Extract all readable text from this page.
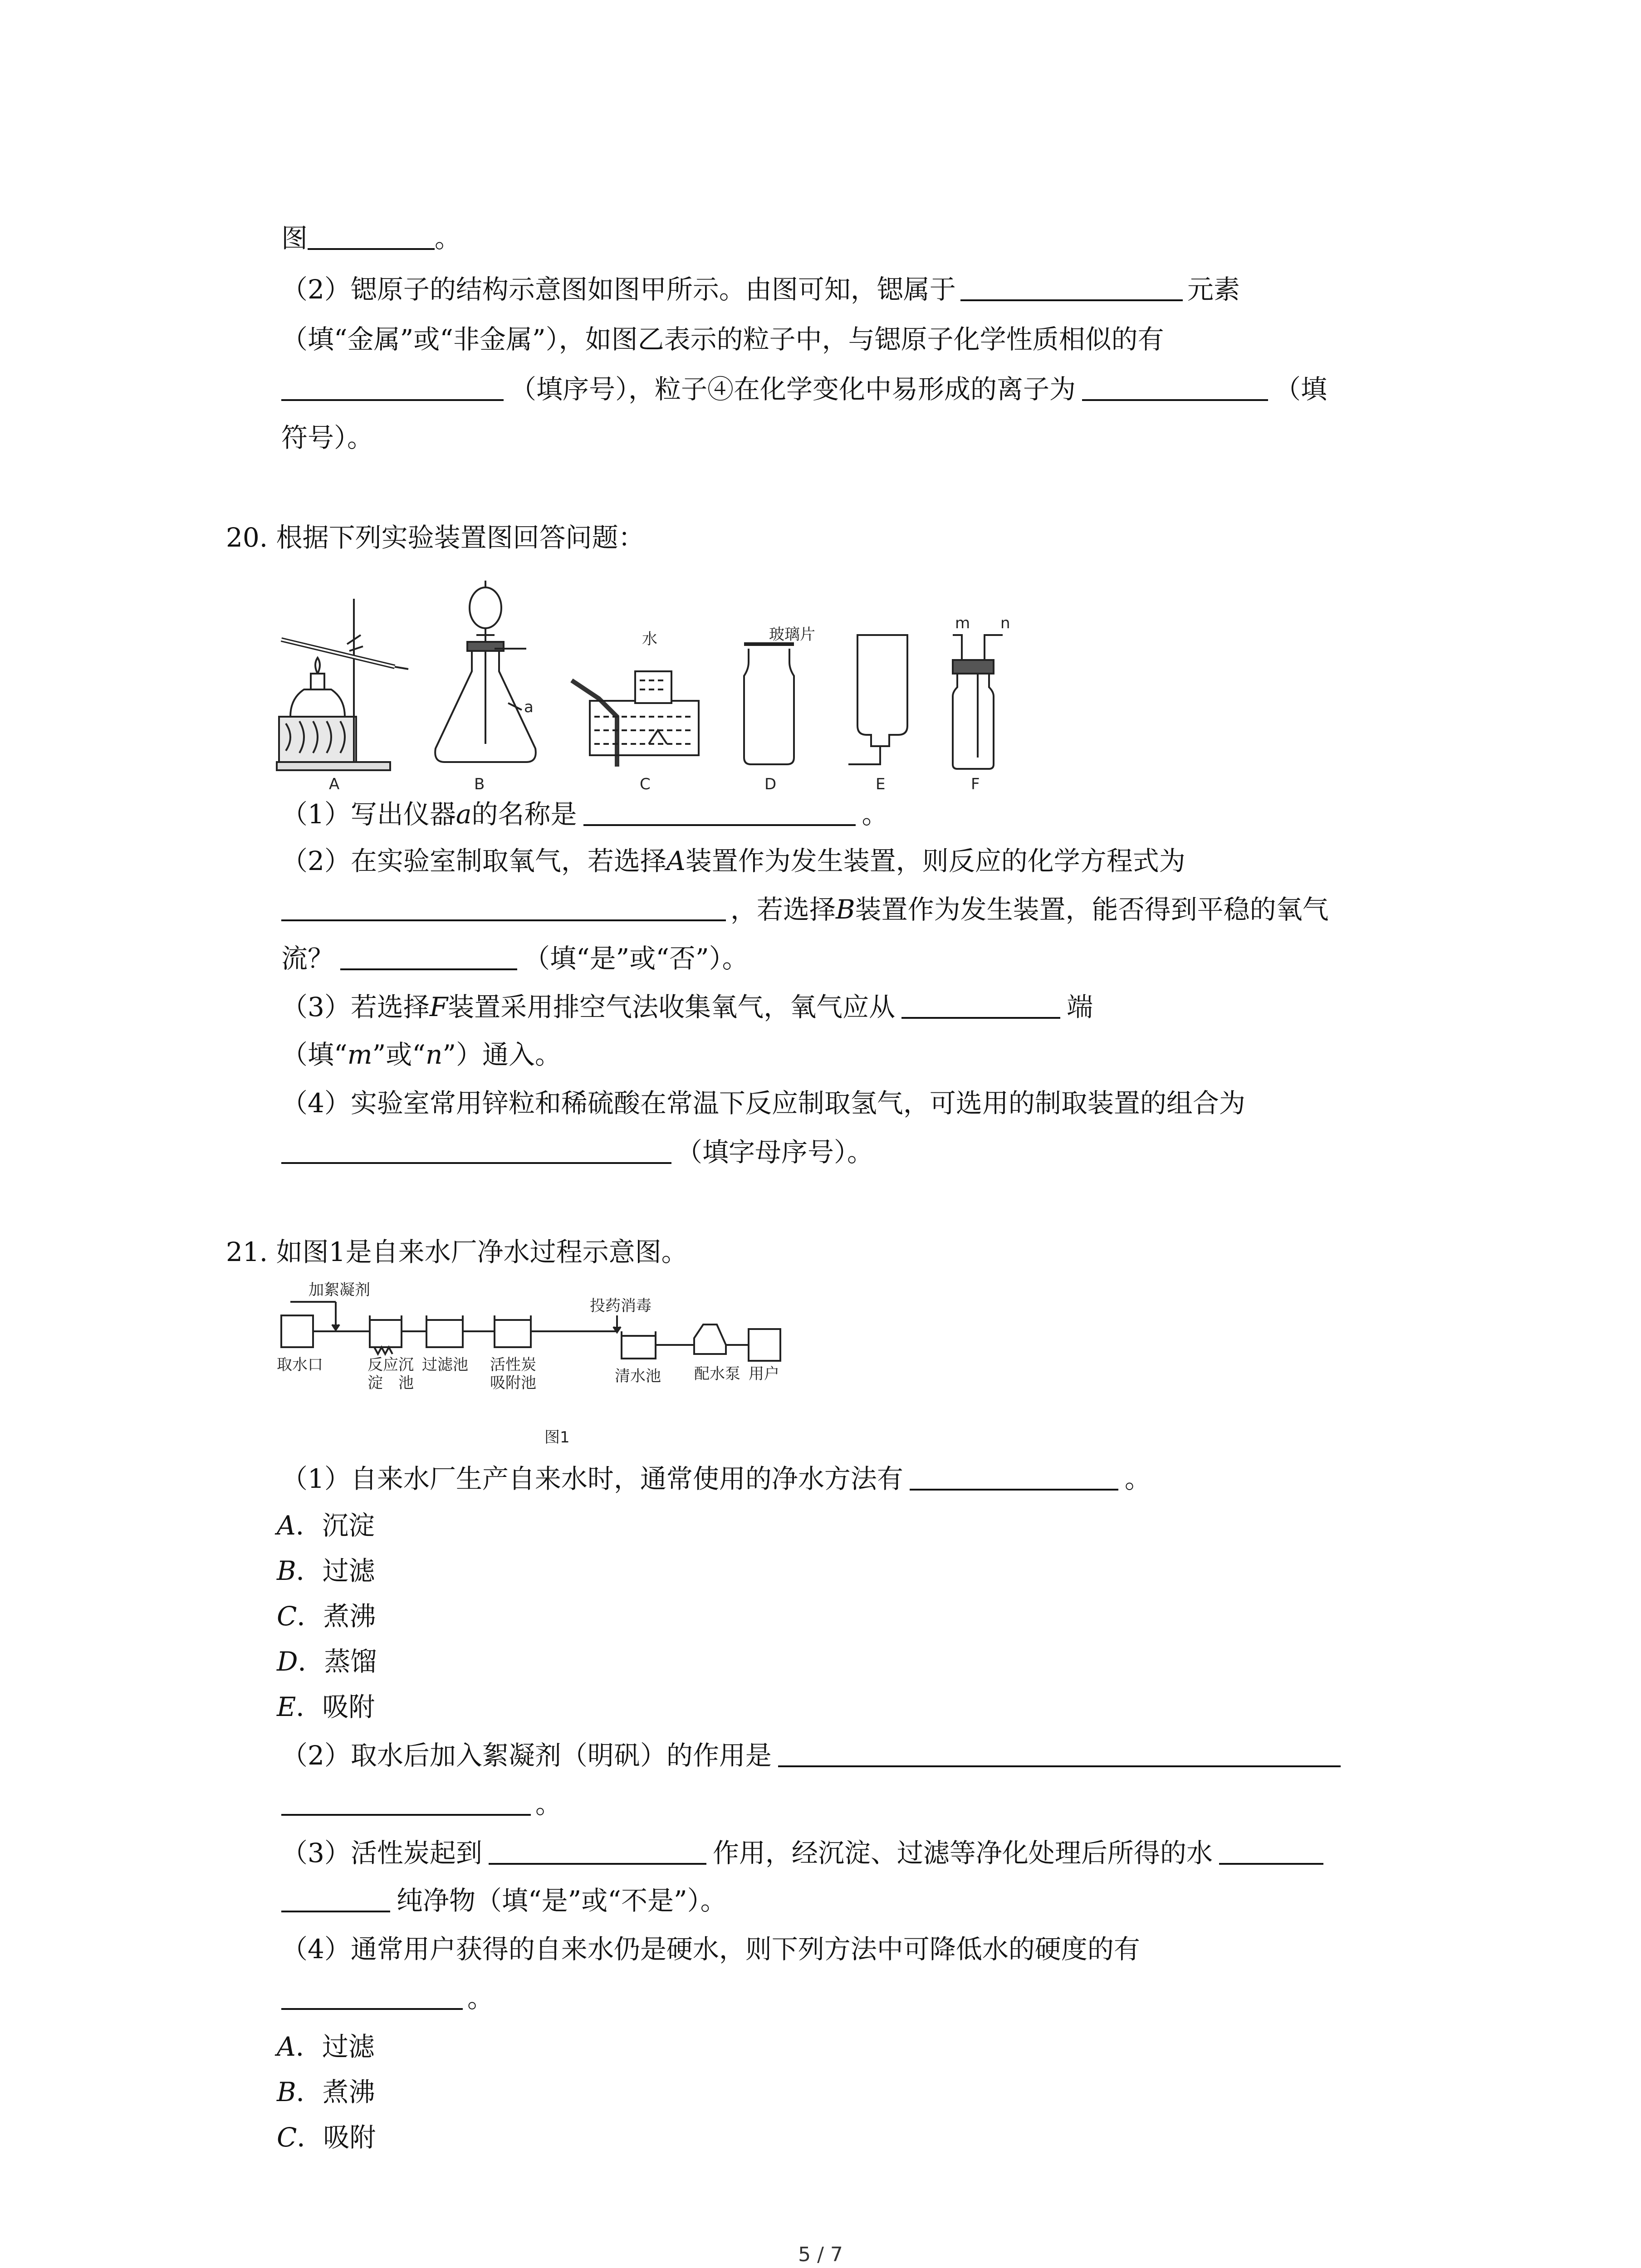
图	。
（2）锶原子的结构示意图如图甲所示。由图可知，锶属于	元素
（填“金属”或“非金属”），如图乙表示的粒子中，与锶原子化学性质相似的有
（填序号），粒子④在化学变化中易形成的离子为	（填
符号）。
20. 根据下列实验装置图回答问题：
A	B	C	D	E	F
a
水	玻璃片
m n
（1）写出仪器a的名称是	。
（2）在实验室制取氧气，若选择A装置作为发生装置，则反应的化学方程式为
，若选择B装置作为发生装置，能否得到平稳的氧气
流？	（填“是”或“否”）。
（3）若选择F装置采用排空气法收集氧气，氧气应从	端
（填“m”或“n”）通入。
（4）实验室常用锌粒和稀硫酸在常温下反应制取氢气，可选用的制取装置的组合为
（填字母序号）。
21. 如图1是自来水厂净水过程示意图。
加絮凝剂
投药消毒
取水口	反应沉
淀　池
过滤池 活性炭
吸附池	清水池 配水泵 用户
图1
（1）自来水厂生产自来水时，通常使用的净水方法有	。
A．沉淀
B．过滤
C．煮沸
D．蒸馏
E．吸附
（2）取水后加入絮凝剂（明矾）的作用是
。
（3）活性炭起到	作用，经沉淀、过滤等净化处理后所得的水
纯净物（填“是”或“不是”）。
（4）通常用户获得的自来水仍是硬水，则下列方法中可降低水的硬度的有
。
A．过滤
B．煮沸
C．吸附
5 / 7
